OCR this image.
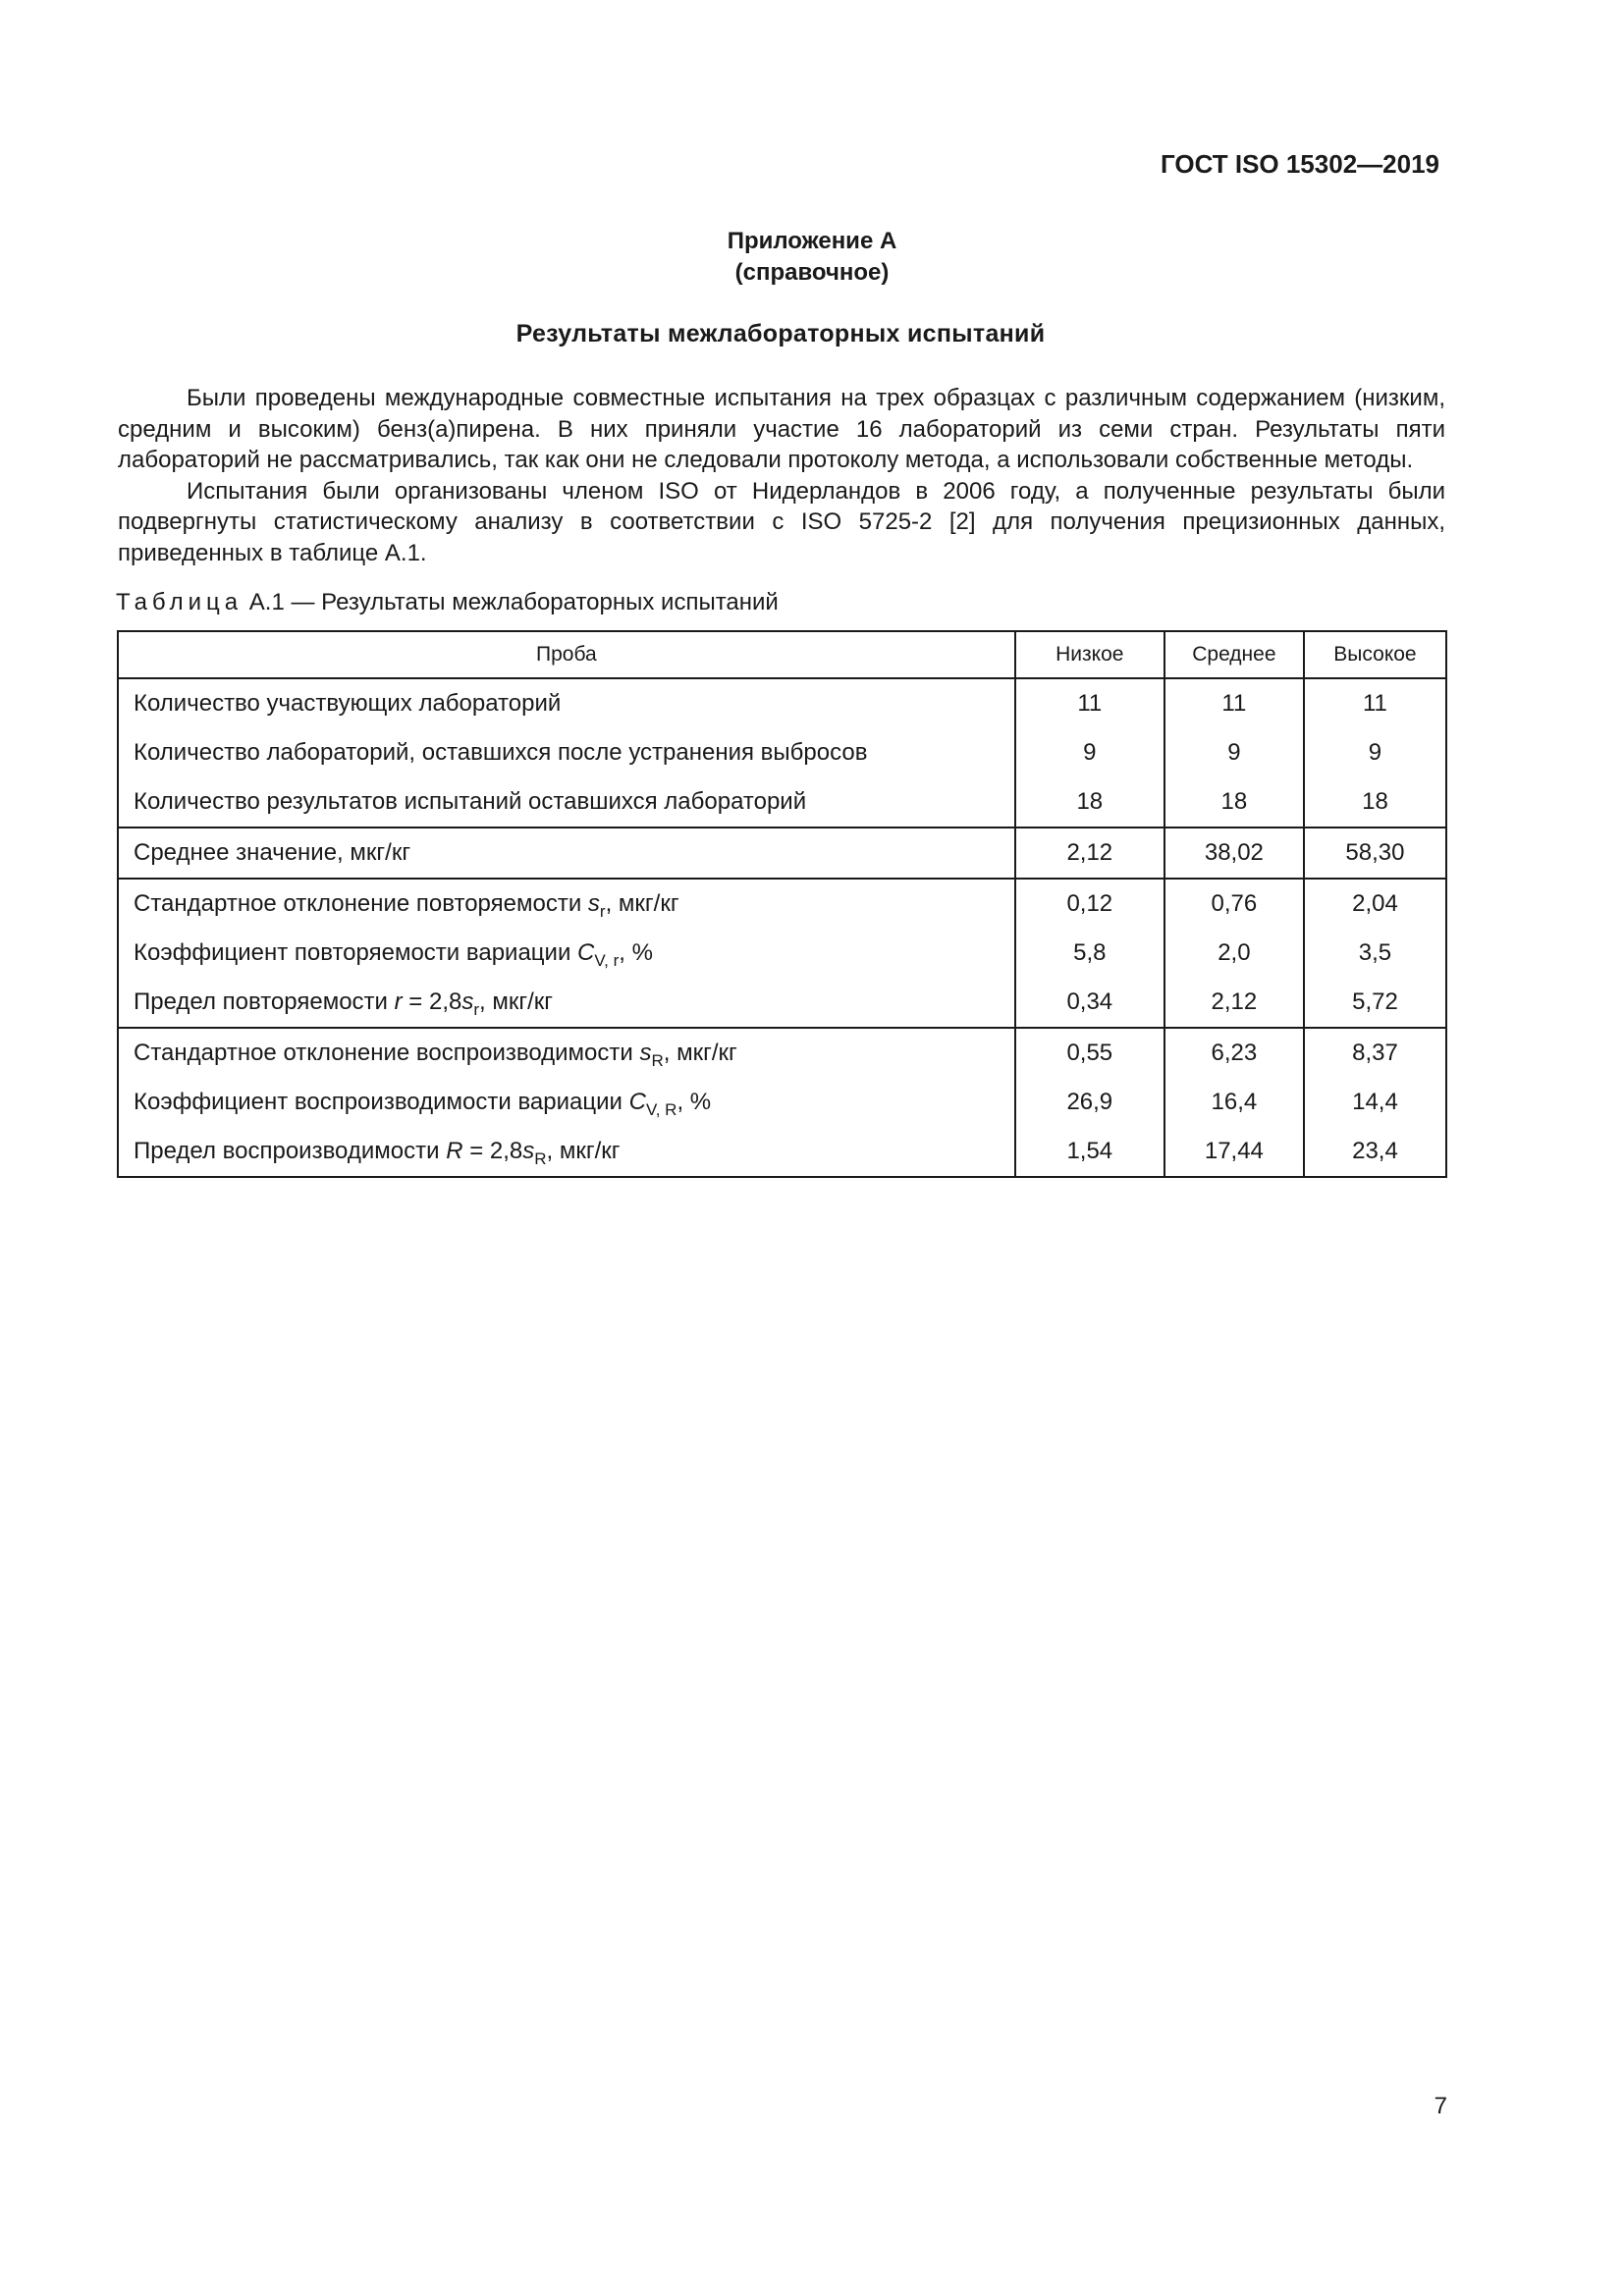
ГОСТ ISO 15302—2019
Приложение А
(справочное)
Результаты межлабораторных испытаний

Были проведены международные совместные испытания на трех образцах с различным содержанием (низким, средним и высоким) бенз(а)пирена. В них приняли участие 16 лабораторий из семи стран. Результаты пяти лабораторий не рассматривались, так как они не следовали протоколу метода, а использовали собственные методы.

Испытания были организованы членом ISO от Нидерландов в 2006 году, а полученные результаты были подвергнуты статистическому анализу в соответствии с ISO 5725-2 [2] для получения прецизионных данных, приведенных в таблице А.1.

Таблица А.1 — Результаты межлабораторных испытаний
Проба	Низкое	Среднее	Высокое
Количество участвующих лабораторий	11	11	11
Количество лабораторий, оставшихся после устранения выбросов	9	9	9
Количество результатов испытаний оставшихся лабораторий	18	18	18
Среднее значение, мкг/кг	2,12	38,02	58,30
Стандартное отклонение повторяемости $s_r$, мкг/кг	0,12	0,76	2,04
Коэффициент повторяемости вариации $C_{V, r}$, %	5,8	2,0	3,5
Предел повторяемости $r = 2,8s_r$, мкг/кг	0,34	2,12	5,72
Стандартное отклонение воспроизводимости $s_R$, мкг/кг	0,55	6,23	8,37
Коэффициент воспроизводимости вариации $C_{V, R}$, %	26,9	16,4	14,4
Предел воспроизводимости $R = 2,8s_R$, мкг/кг	1,54	17,44	23,4
7
